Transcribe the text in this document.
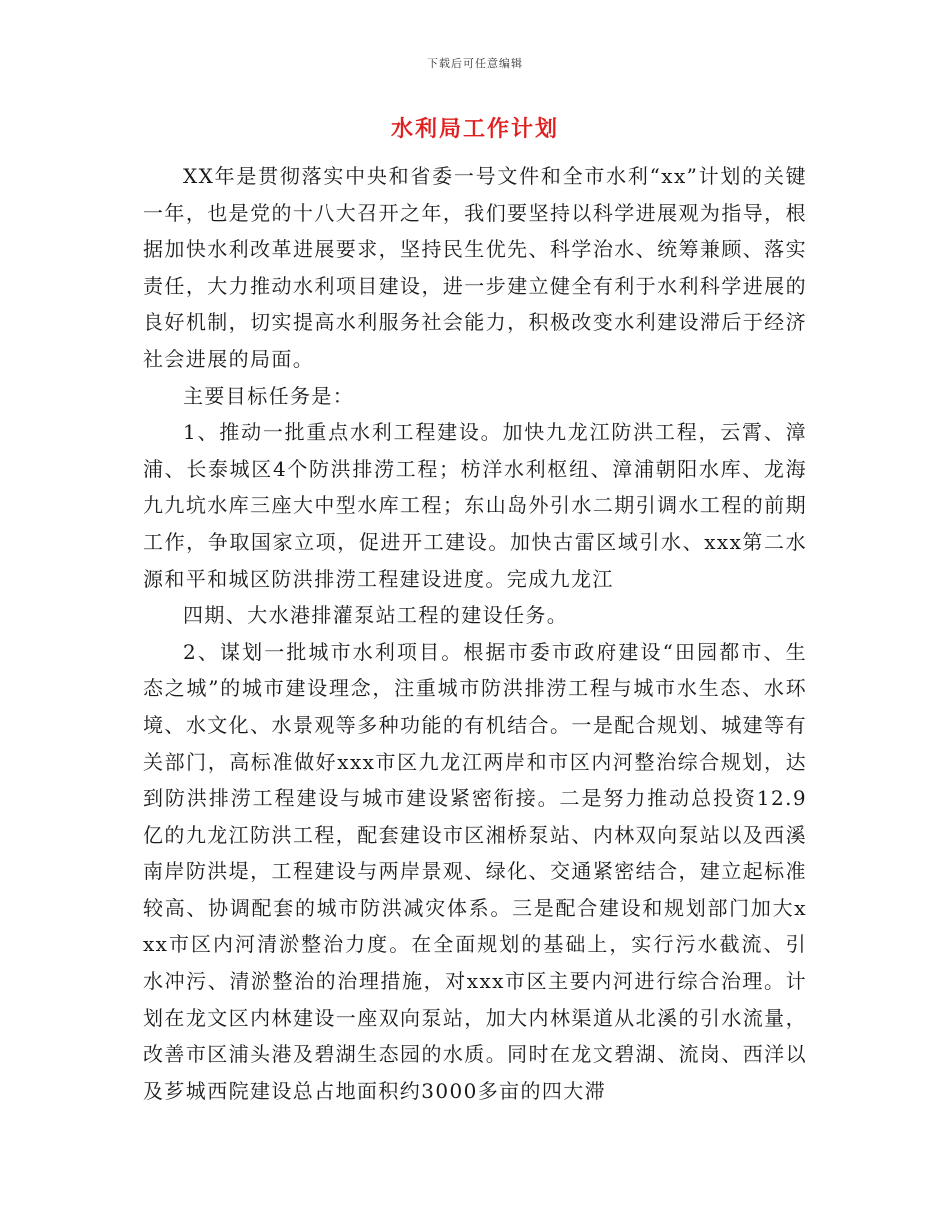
下载后可任意编辑
水利局工作计划

XX年是贯彻落实中央和省委一号文件和全市水利“xx”计划的关键一年，也是党的十八大召开之年，我们要坚持以科学进展观为指导，根据加快水利改革进展要求，坚持民生优先、科学治水、统筹兼顾、落实责任，大力推动水利项目建设，进一步建立健全有利于水利科学进展的良好机制，切实提高水利服务社会能力，积极改变水利建设滞后于经济社会进展的局面。

主要目标任务是：

1、推动一批重点水利工程建设。加快九龙江防洪工程，云霄、漳浦、长泰城区4个防洪排涝工程；枋洋水利枢纽、漳浦朝阳水库、龙海九九坑水库三座大中型水库工程；东山岛外引水二期引调水工程的前期工作，争取国家立项，促进开工建设。加快古雷区域引水、xxx第二水源和平和城区防洪排涝工程建设进度。完成九龙江

四期、大水港排灌泵站工程的建设任务。

2、谋划一批城市水利项目。根据市委市政府建设“田园都市、生态之城”的城市建设理念，注重城市防洪排涝工程与城市水生态、水环境、水文化、水景观等多种功能的有机结合。一是配合规划、城建等有关部门，高标准做好xxx市区九龙江两岸和市区内河整治综合规划，达到防洪排涝工程建设与城市建设紧密衔接。二是努力推动总投资12.9亿的九龙江防洪工程，配套建设市区湘桥泵站、内林双向泵站以及西溪南岸防洪堤，工程建设与两岸景观、绿化、交通紧密结合，建立起标准较高、协调配套的城市防洪减灾体系。三是配合建设和规划部门加大xxx市区内河清淤整治力度。在全面规划的基础上，实行污水截流、引水冲污、清淤整治的治理措施，对xxx市区主要内河进行综合治理。计划在龙文区内林建设一座双向泵站，加大内林渠道从北溪的引水流量，改善市区浦头港及碧湖生态园的水质。同时在龙文碧湖、流岗、西洋以及芗城西院建设总占地面积约3000多亩的四大滞
